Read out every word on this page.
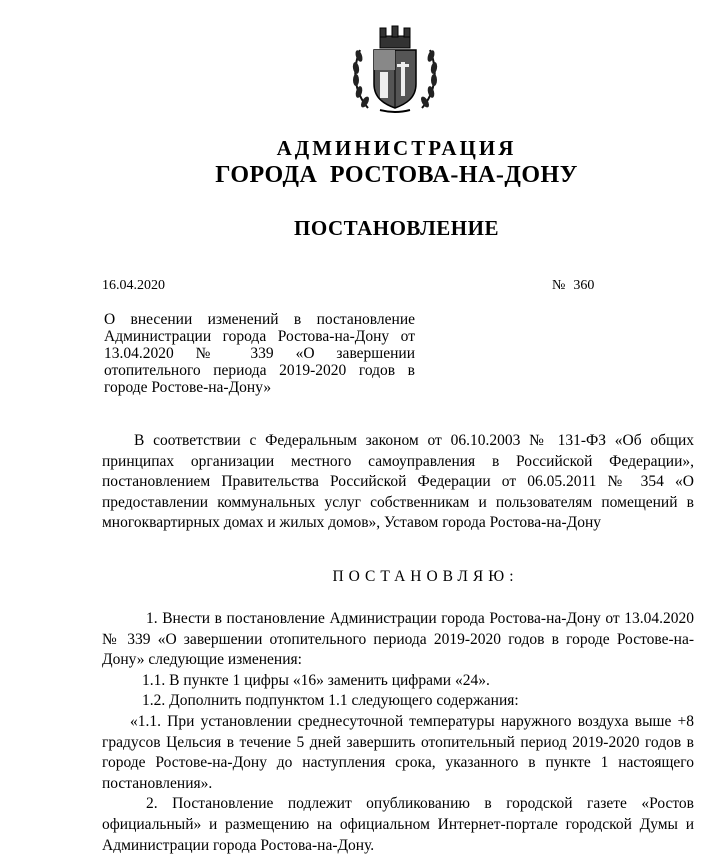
АДМИНИСТРАЦИЯ
ГОРОДА РОСТОВА-НА-ДОНУ
ПОСТАНОВЛЕНИЕ
16.04.2020	№ 360
О внесении изменений в постановление Администрации города Ростова-на-Дону от 13.04.2020 № 339 «О завершении отопительного периода 2019-2020 годов в городе Ростове-на-Дону»
В соответствии с Федеральным законом от 06.10.2003 № 131-ФЗ «Об общих принципах организации местного самоуправления в Российской Федерации», постановлением Правительства Российской Федерации от 06.05.2011 № 354 «О предоставлении коммунальных услуг собственникам и пользователям помещений в многоквартирных домах и жилых домов», Уставом города Ростова-на-Дону
ПОСТАНОВЛЯЮ:

1. Внести в постановление Администрации города Ростова-на-Дону от 13.04.2020 № 339 «О завершении отопительного периода 2019-2020 годов в городе Ростове-на-Дону» следующие изменения:

1.1. В пункте 1 цифры «16» заменить цифрами «24».

1.2. Дополнить подпунктом 1.1 следующего содержания:

«1.1. При установлении среднесуточной температуры наружного воздуха выше +8 градусов Цельсия в течение 5 дней завершить отопительный период 2019-2020 годов в городе Ростове-на-Дону до наступления срока, указанного в пункте 1 настоящего постановления».

2. Постановление подлежит опубликованию в городской газете «Ростов официальный» и размещению на официальном Интернет-портале городской Думы и Администрации города Ростова-на-Дону.
